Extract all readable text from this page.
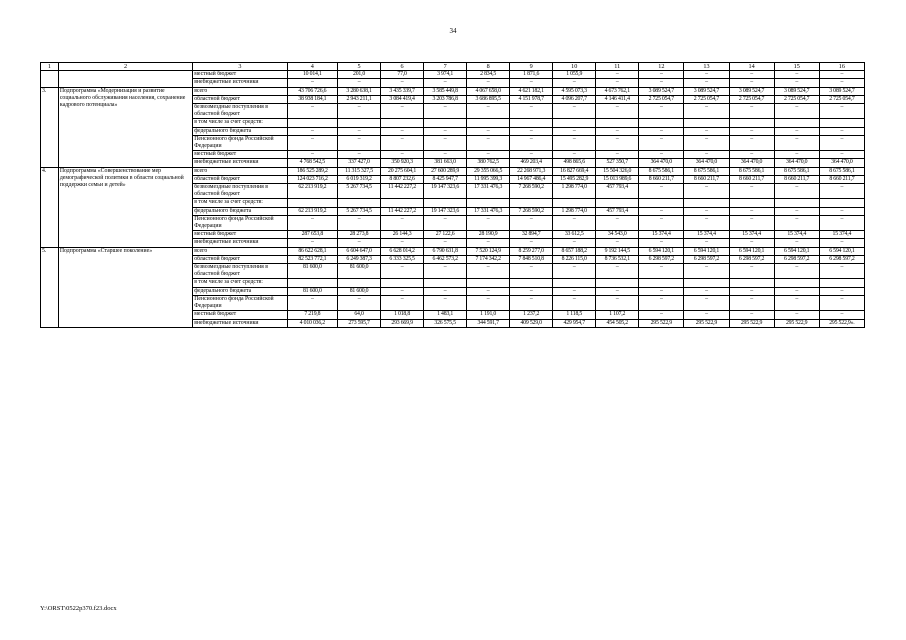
34
1	2	3	4	5	6	7	8	9	10	11	12	13	14	15	16
		местный бюджет	10 014,1	201,0	77,0	3 974,1	2 834,5	1 871,6	1 055,9	–	–	–	–	–	–
		внебюджетные источники	–	–	–	–	–	–	–	–	–	–	–	–	–
3.	Подпрограмма «Модернизация и развитие социального обслуживания населения, сохранение кадрового потенциала»	всего	43 706 726,6	3 280 638,1	3 435 339,7	3 585 449,8	4 067 658,0	4 621 182,1	4 595 073,3	4 673 762,1	3 089 524,7	3 089 524,7	3 089 524,7	3 089 524,7	3 089 524,7
		областной бюджет	38 938 184,1	2 943 211,1	3 084 419,4	3 203 786,8	3 686 895,5	4 151 978,7	4 096 207,7	4 146 411,4	2 725 054,7	2 725 054,7	2 725 054,7	2 725 054,7	2 725 054,7
		безвозмездные поступления в областной бюджет	–	–	–	–	–	–	–	–	–	–	–	–	–
		в том числе за счет средств:													
		федерального бюджета	–	–	–	–	–	–	–	–	–	–	–	–	–
		Пенсионного фонда Российской Федерации	–	–	–	–	–	–	–	–	–	–	–	–	–
		местный бюджет	–	–	–	–	–	–	–	–	–	–	–	–	–
		внебюджетные источники	4 768 542,5	337 427,0	350 920,3	381 663,0	380 762,5	469 203,4	498 865,6	527 350,7	364 470,0	364 470,0	364 470,0	364 470,0	364 470,0
4.	Подпрограмма «Совершенствование мер демографической политики в области социальной поддержки семьи и детей»	всего	186 525 289,2	11 315 327,5	20 275 604,1	27 600 289,9	29 355 066,5	22 268 971,3	16 827 669,4	15 504 326,0	8 675 586,1	8 675 586,1	8 675 586,1	8 675 586,1	8 675 586,1
		областной бюджет	124 023 716,2	6 019 319,2	8 807 232,6	8 425 947,7	11 995 399,3	14 967 486,4	15 495 282,9	15 013 989,6	8 660 211,7	8 660 211,7	8 660 211,7	8 660 211,7	8 660 211,7
		безвозмездные поступления в областной бюджет	62 213 919,2	5 267 734,5	11 442 227,2	19 147 323,6	17 331 476,3	7 268 590,2	1 298 774,0	457 793,4	–	–	–	–	–
		в том числе за счет средств:													
		федерального бюджета	62 213 919,2	5 267 734,5	11 442 227,2	19 147 323,6	17 331 476,3	7 268 590,2	1 298 774,0	457 793,4	–	–	–	–	–
		Пенсионного фонда Российской Федерации	–	–	–	–	–	–	–	–	–	–	–	–	–
		местный бюджет	287 653,8	28 273,8	26 144,3	27 122,6	28 190,9	32 894,7	33 612,5	34 543,0	15 374,4	15 374,4	15 374,4	15 374,4	15 374,4
		внебюджетные источники	–	–	–	–	–	–	–	–	–	–	–	–	–
5.	Подпрограмма «Старшее поколение»	всего	86 622 628,1	6 604 647,0	6 628 014,2	6 790 631,8	7 520 124,9	8 259 277,0	8 657 188,2	9 192 144,5	6 594 120,1	6 594 120,1	6 594 120,1	6 594 120,1	6 594 120,1
		областной бюджет	82 523 772,1	6 249 387,3	6 333 325,5	6 462 573,2	7 174 342,2	7 848 510,8	8 226 115,0	8 736 532,1	6 298 597,2	6 298 597,2	6 298 597,2	6 298 597,2	6 298 597,2
		безвозмездные поступления в областной бюджет	81 600,0	81 600,0	–	–	–	–	–	–	–	–	–	–	–
		в том числе за счет средств:													
		федерального бюджета	81 600,0	81 600,0	–	–	–	–	–	–	–	–	–	–	–
		Пенсионного фонда Российской Федерации	–	–	–	–	–	–	–	–	–	–	–	–	–
		местный бюджет	7 219,8	64,0	1 018,8	1 483,1	1 191,0	1 237,2	1 118,5	1 107,2	–	–	–	–	–
		внебюджетные источники	4 010 036,2	273 595,7	293 669,9	326 575,5	344 591,7	409 529,0	429 954,7	454 505,2	295 522,9	295 522,9	295 522,9	295 522,9	295 522,9».
Y:\ORST\0522p370.f23.docx
